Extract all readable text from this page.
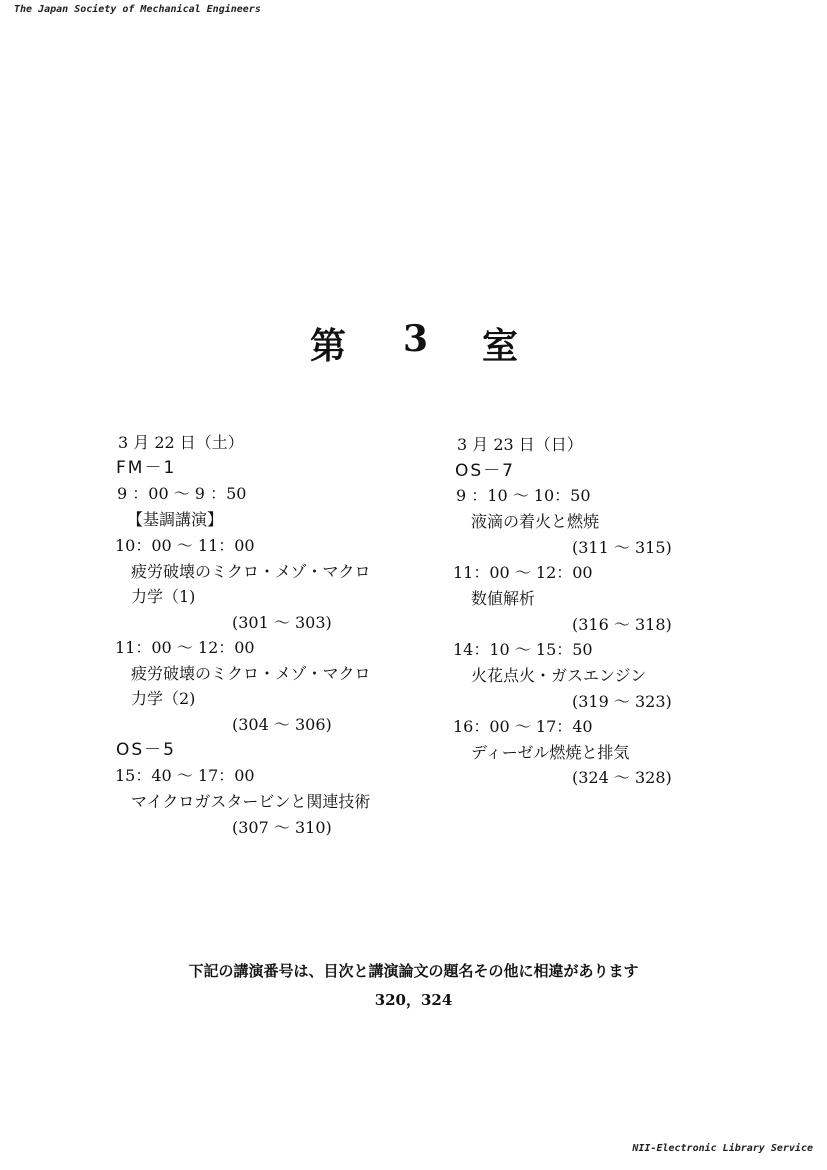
The Japan Society of Mechanical Engineers
第 3 室
3 月 22 日（土）
FM－1
9 ：00 ～ 9 ：50
【基調講演】
10：00 ～ 11：00
疲労破壊のミクロ・メゾ・マクロ
力学（1)
(301 ～ 303)
11：00 ～ 12：00
疲労破壊のミクロ・メゾ・マクロ
力学（2)
(304 ～ 306)
OS－5
15：40 ～ 17：00
マイクロガスタービンと関連技術
(307 ～ 310)
3 月 23 日（日）
OS－7
9 ：10 ～ 10：50
液滴の着火と燃焼
(311 ～ 315)
11：00 ～ 12：00
数値解析
(316 ～ 318)
14：10 ～ 15：50
火花点火・ガスエンジン
(319 ～ 323)
16：00 ～ 17：40
ディーゼル燃焼と排気
(324 ～ 328)
下記の講演番号は、目次と講演論文の題名その他に相違があります
320，324
NII-Electronic Library Service
